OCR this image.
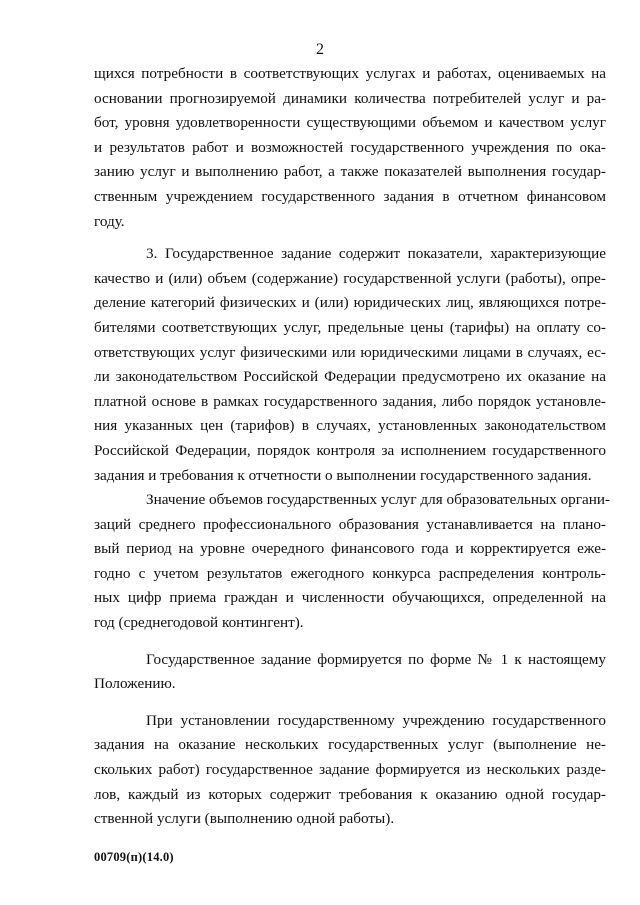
2
щихся потребности в соответствующих услугах и работах, оцениваемых на
основании прогнозируемой динамики количества потребителей услуг и ра-
бот, уровня удовлетворенности существующими объемом и качеством услуг
и результатов работ и возможностей государственного учреждения по ока-
занию услуг и выполнению работ, а также показателей выполнения государ-
ственным учреждением государственного задания в отчетном финансовом
году.
3. Государственное задание содержит показатели, характеризующие
качество и (или) объем (содержание) государственной услуги (работы), опре-
деление категорий физических и (или) юридических лиц, являющихся потре-
бителями соответствующих услуг, предельные цены (тарифы) на оплату со-
ответствующих услуг физическими или юридическими лицами в случаях, ес-
ли законодательством Российской Федерации предусмотрено их оказание на
платной основе в рамках государственного задания, либо порядок установле-
ния указанных цен (тарифов) в случаях, установленных законодательством
Российской Федерации, порядок контроля за исполнением государственного
задания и требования к отчетности о выполнении государственного задания.
Значение объемов государственных услуг для образовательных органи-
заций среднего профессионального образования устанавливается на плано-
вый период на уровне очередного финансового года и корректируется еже-
годно с учетом результатов ежегодного конкурса распределения контроль-
ных цифр приема граждан и численности обучающихся, определенной на
год (среднегодовой контингент).
Государственное задание формируется по форме № 1 к настоящему
Положению.
При установлении государственному учреждению государственного
задания на оказание нескольких государственных услуг (выполнение не-
скольких работ) государственное задание формируется из нескольких разде-
лов, каждый из которых содержит требования к оказанию одной государ-
ственной услуги (выполнению одной работы).
00709(п)(14.0)
